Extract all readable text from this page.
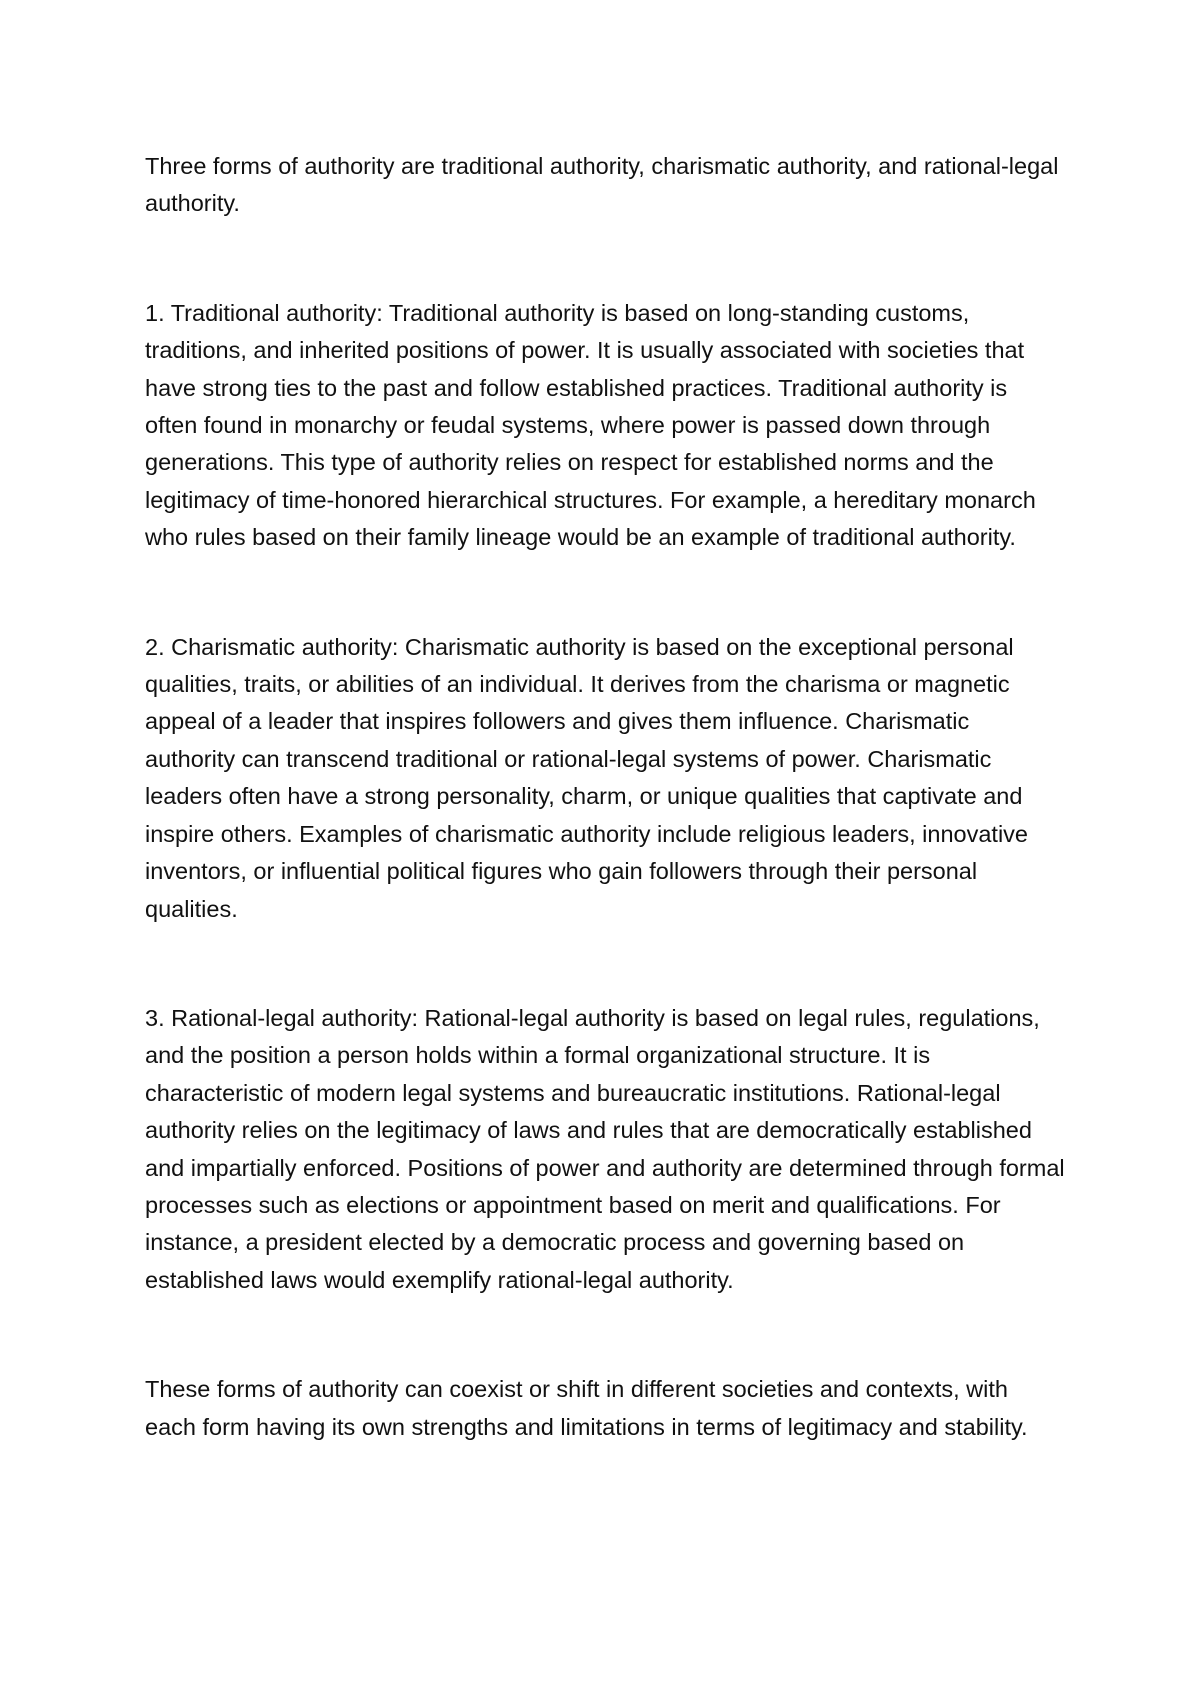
Three forms of authority are traditional authority, charismatic authority, and rational-legal authority.

1. Traditional authority: Traditional authority is based on long-standing customs, traditions, and inherited positions of power. It is usually associated with societies that have strong ties to the past and follow established practices. Traditional authority is often found in monarchy or feudal systems, where power is passed down through generations. This type of authority relies on respect for established norms and the legitimacy of time-honored hierarchical structures. For example, a hereditary monarch who rules based on their family lineage would be an example of traditional authority.

2. Charismatic authority: Charismatic authority is based on the exceptional personal qualities, traits, or abilities of an individual. It derives from the charisma or magnetic appeal of a leader that inspires followers and gives them influence. Charismatic authority can transcend traditional or rational-legal systems of power. Charismatic leaders often have a strong personality, charm, or unique qualities that captivate and inspire others. Examples of charismatic authority include religious leaders, innovative inventors, or influential political figures who gain followers through their personal qualities.

3. Rational-legal authority: Rational-legal authority is based on legal rules, regulations, and the position a person holds within a formal organizational structure. It is characteristic of modern legal systems and bureaucratic institutions. Rational-legal authority relies on the legitimacy of laws and rules that are democratically established and impartially enforced. Positions of power and authority are determined through formal processes such as elections or appointment based on merit and qualifications. For instance, a president elected by a democratic process and governing based on established laws would exemplify rational-legal authority.

These forms of authority can coexist or shift in different societies and contexts, with each form having its own strengths and limitations in terms of legitimacy and stability.
